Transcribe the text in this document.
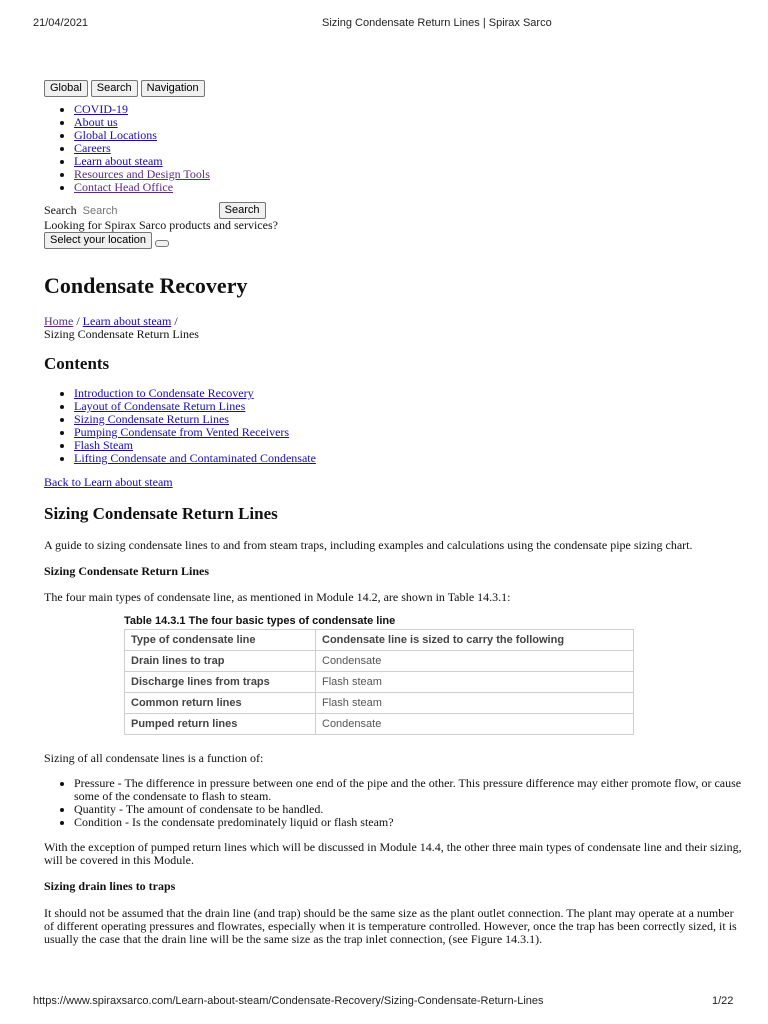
21/04/2021	Sizing Condensate Return Lines | Spirax Sarco
Global	Search	Navigation
• COVID-19
• About us
• Global Locations
• Careers
• Learn about steam
• Resources and Design Tools
• Contact Head Office
Search
Search	Search
Looking for Spirax Sarco products and services?
Select your location
Condensate Recovery
Home / Learn about steam /
Sizing Condensate Return Lines
Contents
• Introduction to Condensate Recovery
• Layout of Condensate Return Lines
• Sizing Condensate Return Lines
• Pumping Condensate from Vented Receivers
• Flash Steam
• Lifting Condensate and Contaminated Condensate
Back to Learn about steam
Sizing Condensate Return Lines
A guide to sizing condensate lines to and from steam traps, including examples and calculations using the condensate pipe sizing chart.
Sizing Condensate Return Lines
The four main types of condensate line, as mentioned in Module 14.2, are shown in Table 14.3.1:
Table 14.3.1 The four basic types of condensate line
Type of condensate line	Condensate line is sized to carry the following
Drain lines to trap	Condensate
Discharge lines from traps	Flash steam
Common return lines	Flash steam
Pumped return lines	Condensate
Sizing of all condensate lines is a function of:
• Pressure - The difference in pressure between one end of the pipe and the other. This pressure difference may either promote flow, or cause some of the condensate to flash to steam.
• Quantity - The amount of condensate to be handled.
• Condition - Is the condensate predominately liquid or flash steam?
With the exception of pumped return lines which will be discussed in Module 14.4, the other three main types of condensate line and their sizing, will be covered in this Module.
Sizing drain lines to traps
It should not be assumed that the drain line (and trap) should be the same size as the plant outlet connection. The plant may operate at a number of different operating pressures and flowrates, especially when it is temperature controlled. However, once the trap has been correctly sized, it is usually the case that the drain line will be the same size as the trap inlet connection, (see Figure 14.3.1).
https://www.spiraxsarco.com/Learn-about-steam/Condensate-Recovery/Sizing-Condensate-Return-Lines	1/22
